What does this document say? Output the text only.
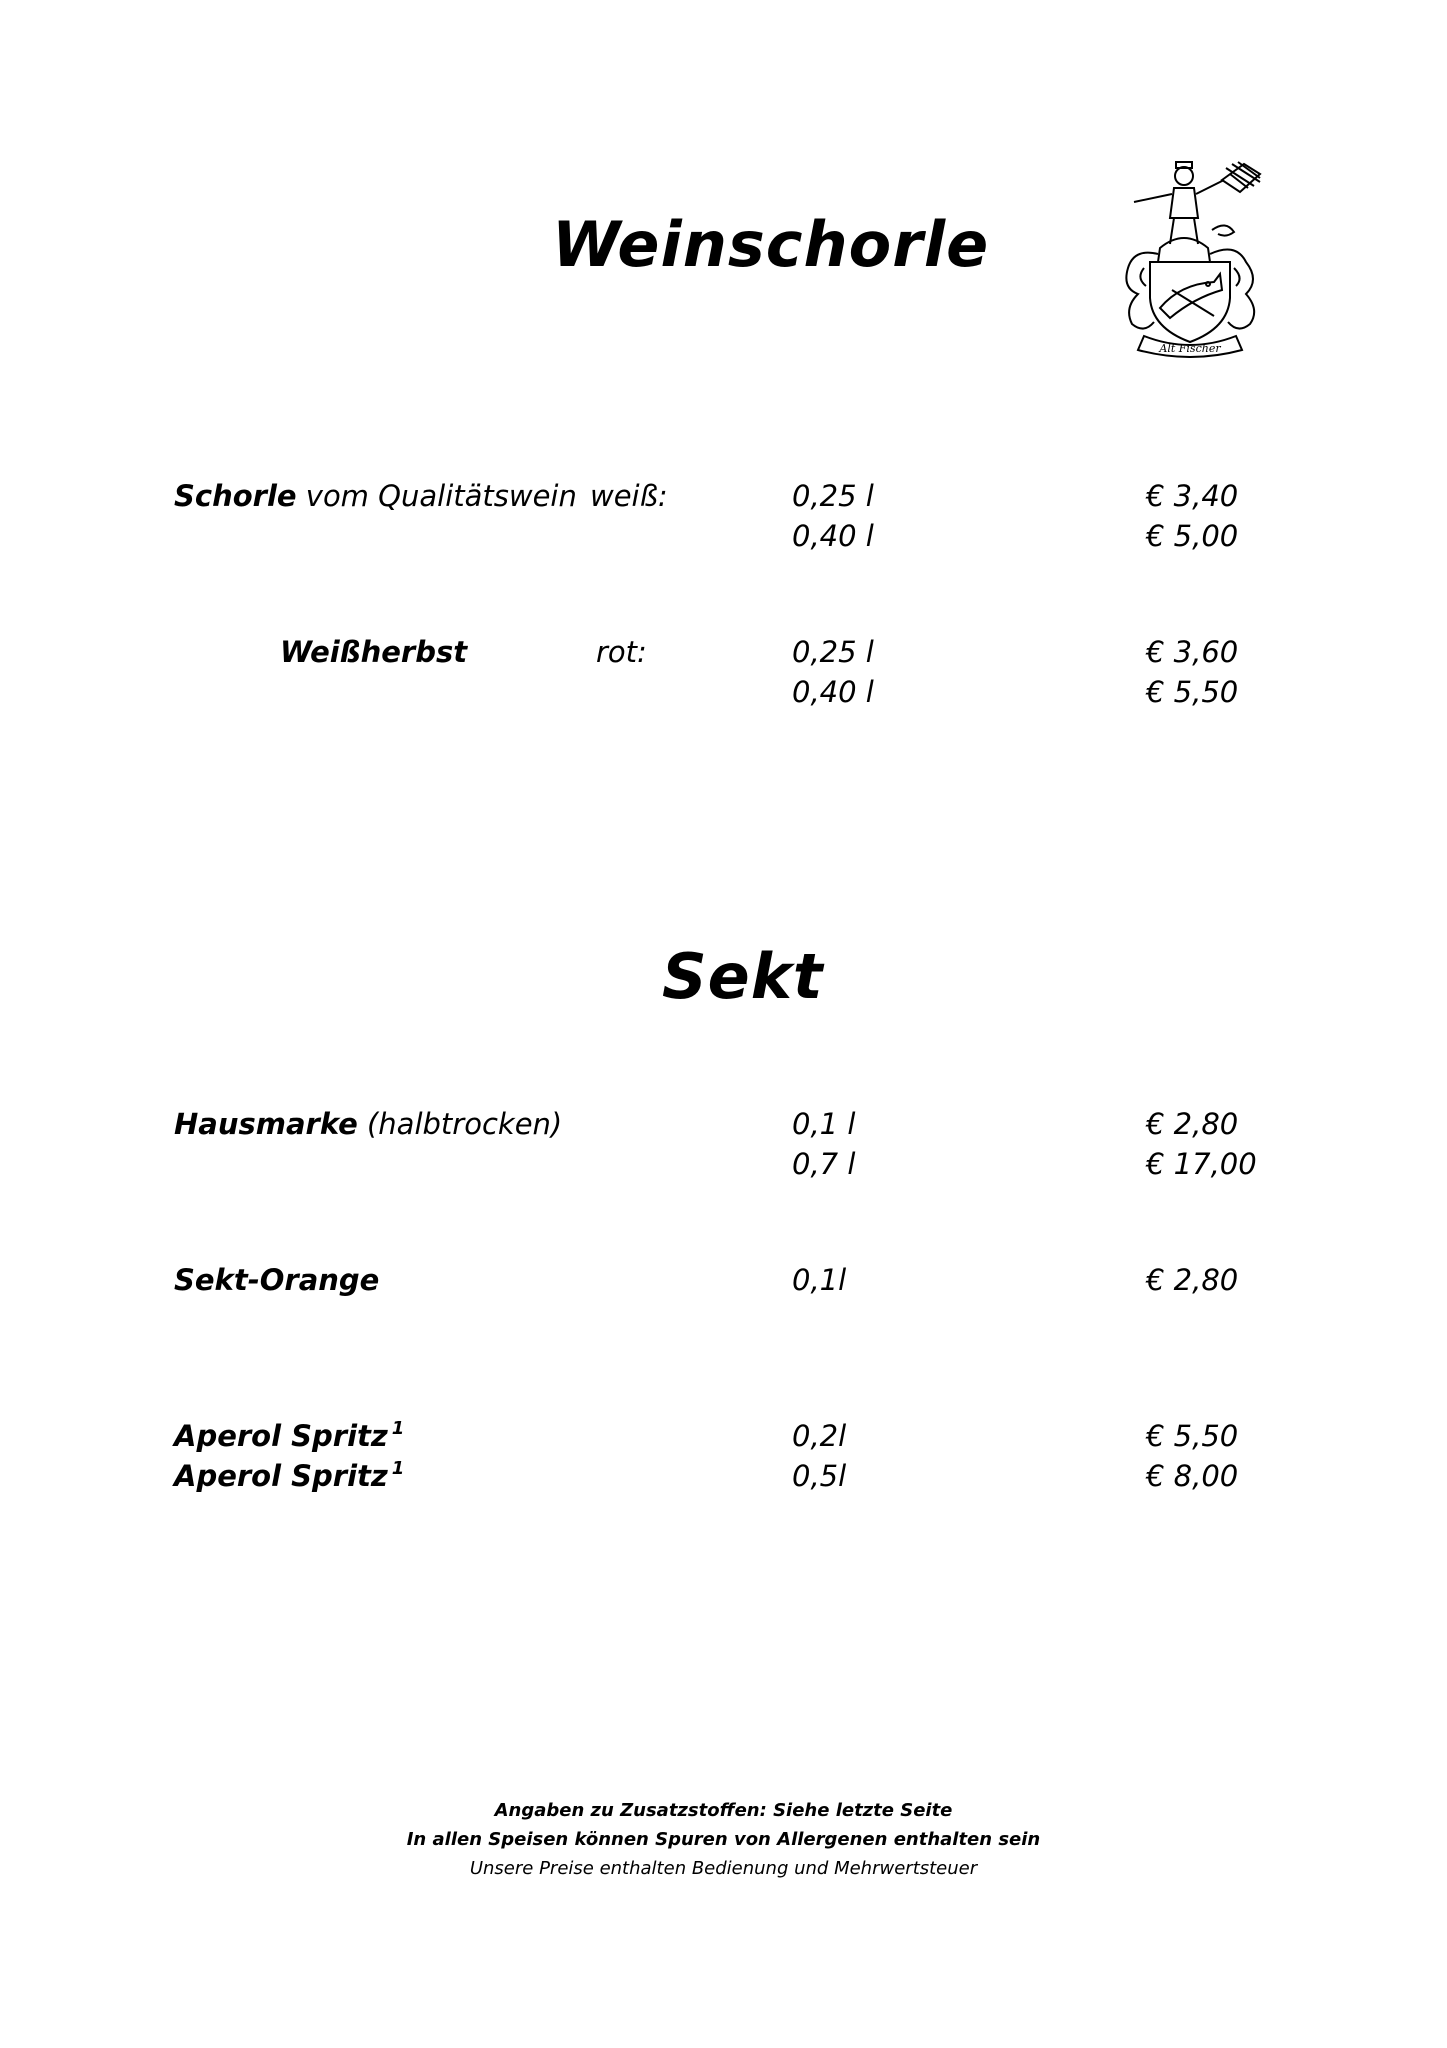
Alt Fischer
Weinschorle
Schorle vom Qualitätswein weiß:	0,25 l	€ 3,40
0,40 l	€ 5,00
Weißherbst	rot:	0,25 l	€ 3,60
0,40 l	€ 5,50
Sekt
Hausmarke (halbtrocken)	0,1 l	€ 2,80
0,7 l	€ 17,00
Sekt-Orange	0,1l	€ 2,80
Aperol Spritz $^1$	0,2l	€ 5,50
Aperol Spritz $^1$	0,5l	€ 8,00
Angaben zu Zusatzstoffen: Siehe letzte Seite
In allen Speisen können Spuren von Allergenen enthalten sein
Unsere Preise enthalten Bedienung und Mehrwertsteuer
